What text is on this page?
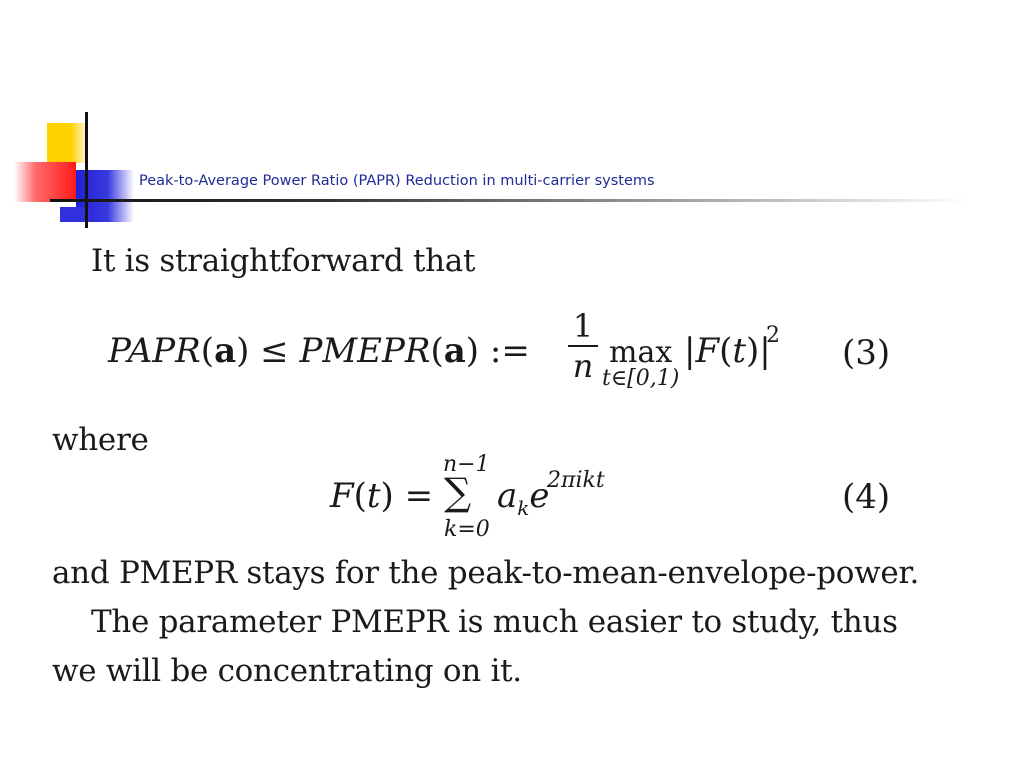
Peak-to-Average Power Ratio (PAPR) Reduction in multi-carrier systems
It is straightforward that
PAPR(a) ≤ PMEPR(a) :=
1
n max
t∈[0,1)
|F(t)|
2 (3)
where
F(t) =
n−1
∑
k=0
$a_ke$
2πikt	(4)
and PMEPR stays for the peak-to-mean-envelope-power.
The parameter PMEPR is much easier to study, thus
we will be concentrating on it.
